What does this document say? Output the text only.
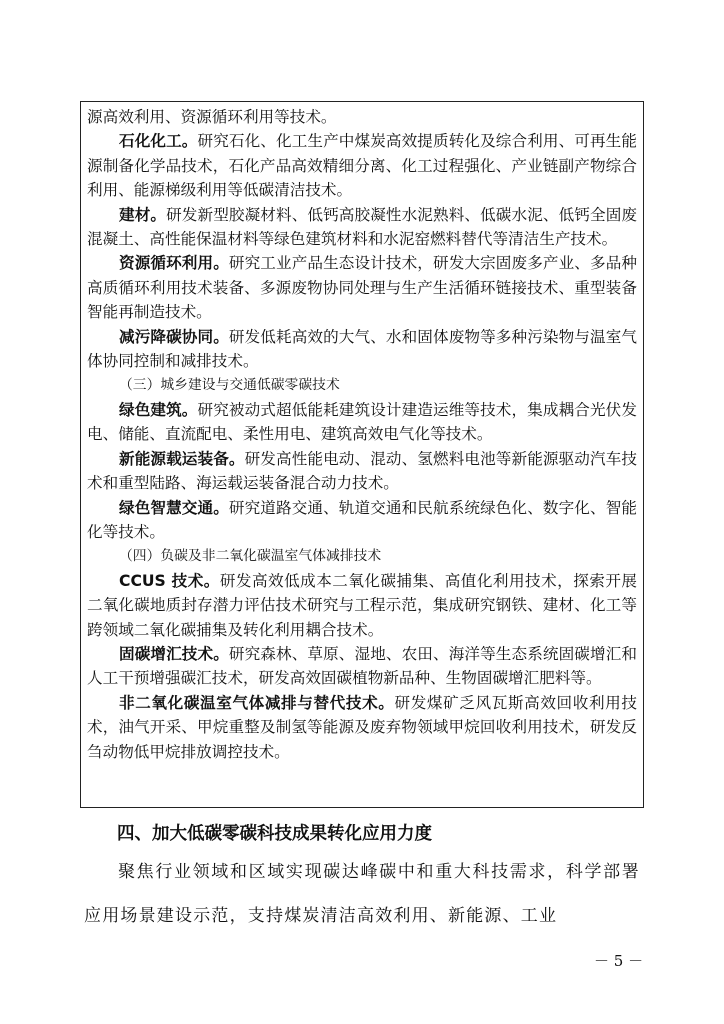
源高效利用、资源循环利用等技术。

石化化工。研究石化、化工生产中煤炭高效提质转化及综合利用、可再生能源制备化学品技术，石化产品高效精细分离、化工过程强化、产业链副产物综合利用、能源梯级利用等低碳清洁技术。

建材。研发新型胶凝材料、低钙高胶凝性水泥熟料、低碳水泥、低钙全固废混凝土、高性能保温材料等绿色建筑材料和水泥窑燃料替代等清洁生产技术。

资源循环利用。研究工业产品生态设计技术，研发大宗固废多产业、多品种高质循环利用技术装备、多源废物协同处理与生产生活循环链接技术、重型装备智能再制造技术。

减污降碳协同。研发低耗高效的大气、水和固体废物等多种污染物与温室气体协同控制和减排技术。

（三）城乡建设与交通低碳零碳技术

绿色建筑。研究被动式超低能耗建筑设计建造运维等技术，集成耦合光伏发电、储能、直流配电、柔性用电、建筑高效电气化等技术。

新能源载运装备。研发高性能电动、混动、氢燃料电池等新能源驱动汽车技术和重型陆路、海运载运装备混合动力技术。

绿色智慧交通。研究道路交通、轨道交通和民航系统绿色化、数字化、智能化等技术。

（四）负碳及非二氧化碳温室气体减排技术

CCUS 技术。研发高效低成本二氧化碳捕集、高值化利用技术，探索开展二氧化碳地质封存潜力评估技术研究与工程示范，集成研究钢铁、建材、化工等跨领域二氧化碳捕集及转化利用耦合技术。

固碳增汇技术。研究森林、草原、湿地、农田、海洋等生态系统固碳增汇和人工干预增强碳汇技术，研发高效固碳植物新品种、生物固碳增汇肥料等。

非二氧化碳温室气体减排与替代技术。研发煤矿乏风瓦斯高效回收利用技术，油气开采、甲烷重整及制氢等能源及废弃物领域甲烷回收利用技术，研发反刍动物低甲烷排放调控技术。

四、加大低碳零碳科技成果转化应用力度

聚焦行业领域和区域实现碳达峰碳中和重大科技需求，科学部署应用场景建设示范，支持煤炭清洁高效利用、新能源、工业

－ 5 －
